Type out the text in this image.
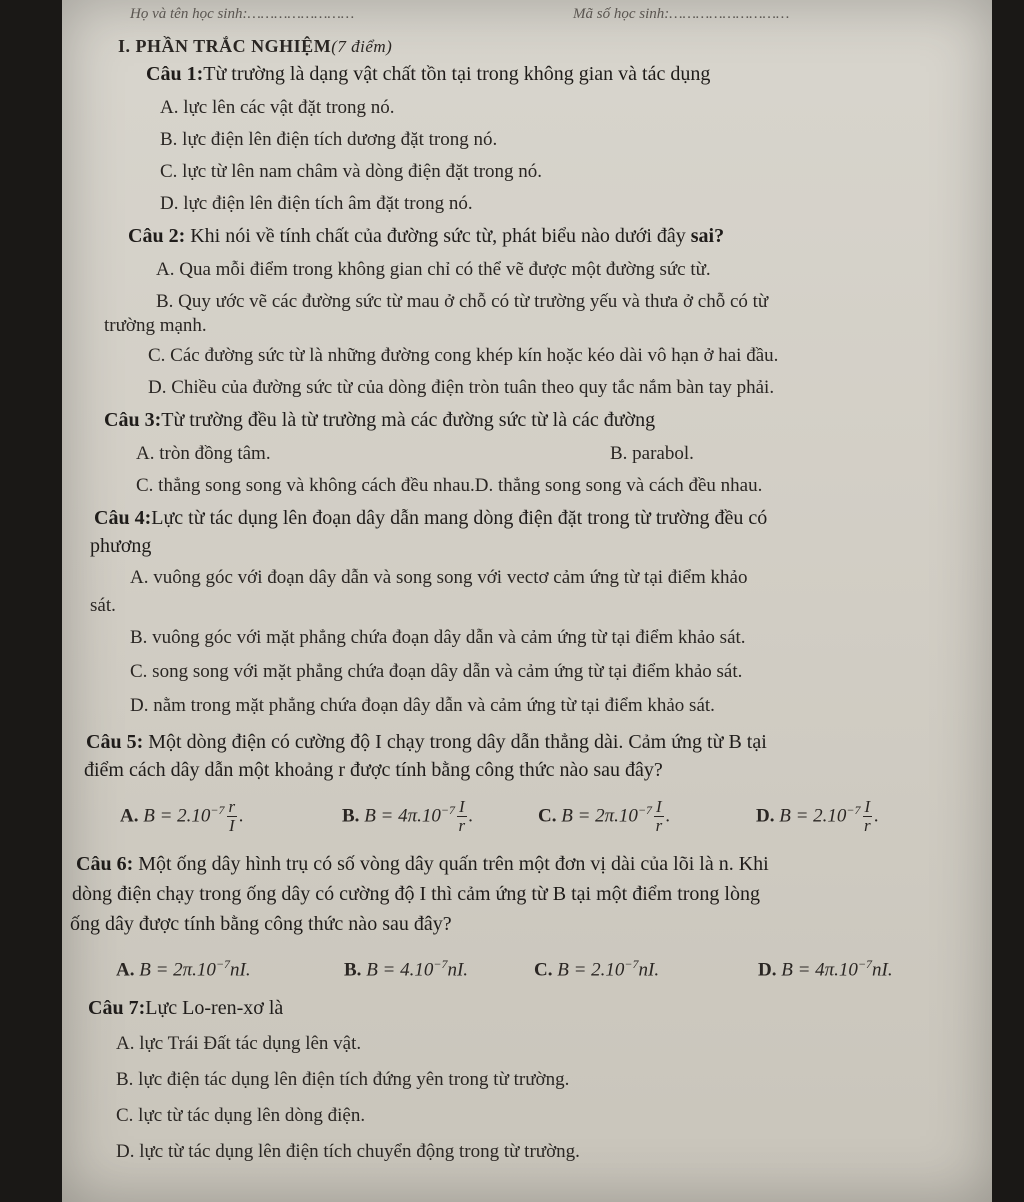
Họ và tên học sinh:……………………	Mã số học sinh:………………………
I. PHẦN TRẮC NGHIỆM(7 điểm)
Câu 1:Từ trường là dạng vật chất tồn tại trong không gian và tác dụng
A. lực lên các vật đặt trong nó.
B. lực điện lên điện tích dương đặt trong nó.
C. lực từ lên nam châm và dòng điện đặt trong nó.
D. lực điện lên điện tích âm đặt trong nó.
Câu 2: Khi nói về tính chất của đường sức từ, phát biểu nào dưới đây sai?
A. Qua mỗi điểm trong không gian chỉ có thể vẽ được một đường sức từ.
B. Quy ước vẽ các đường sức từ mau ở chỗ có từ trường yếu và thưa ở chỗ có từ
trường mạnh.
C. Các đường sức từ là những đường cong khép kín hoặc kéo dài vô hạn ở hai đầu.
D. Chiều của đường sức từ của dòng điện tròn tuân theo quy tắc nắm bàn tay phải.
Câu 3:Từ trường đều là từ trường mà các đường sức từ là các đường
A. tròn đồng tâm.	B. parabol.
C. thẳng song song và không cách đều nhau.D. thẳng song song và cách đều nhau.
Câu 4:Lực từ tác dụng lên đoạn dây dẫn mang dòng điện đặt trong từ trường đều có
phương
A. vuông góc với đoạn dây dẫn và song song với vectơ cảm ứng từ tại điểm khảo
sát.
B. vuông góc với mặt phẳng chứa đoạn dây dẫn và cảm ứng từ tại điểm khảo sát.
C. song song với mặt phẳng chứa đoạn dây dẫn và cảm ứng từ tại điểm khảo sát.
D. nằm trong mặt phẳng chứa đoạn dây dẫn và cảm ứng từ tại điểm khảo sát.
Câu 5: Một dòng điện có cường độ I chạy trong dây dẫn thẳng dài. Cảm ứng từ B tại
điểm cách dây dẫn một khoảng r được tính bằng công thức nào sau đây?
A. $B = 2.10^{-7} \frac{r}{I}$ .	B. $B = 4\pi.10^{-7} \frac{I}{r}$ .	C. $B = 2\pi.10^{-7} \frac{I}{r}$ .	D. $B = 2.10^{-7} \frac{I}{r}$ .
Câu 6: Một ống dây hình trụ có số vòng dây quấn trên một đơn vị dài của lõi là n. Khi
dòng điện chạy trong ống dây có cường độ I thì cảm ứng từ B tại một điểm trong lòng
ống dây được tính bằng công thức nào sau đây?
A. $B = 2\pi.10^{-7}nI$.	B. $B = 4.10^{-7}nI$.	C. $B = 2.10^{-7}nI$.	D. $B = 4\pi.10^{-7}nI$.
Câu 7:Lực Lo-ren-xơ là
A. lực Trái Đất tác dụng lên vật.
B. lực điện tác dụng lên điện tích đứng yên trong từ trường.
C. lực từ tác dụng lên dòng điện.
D. lực từ tác dụng lên điện tích chuyển động trong từ trường.
